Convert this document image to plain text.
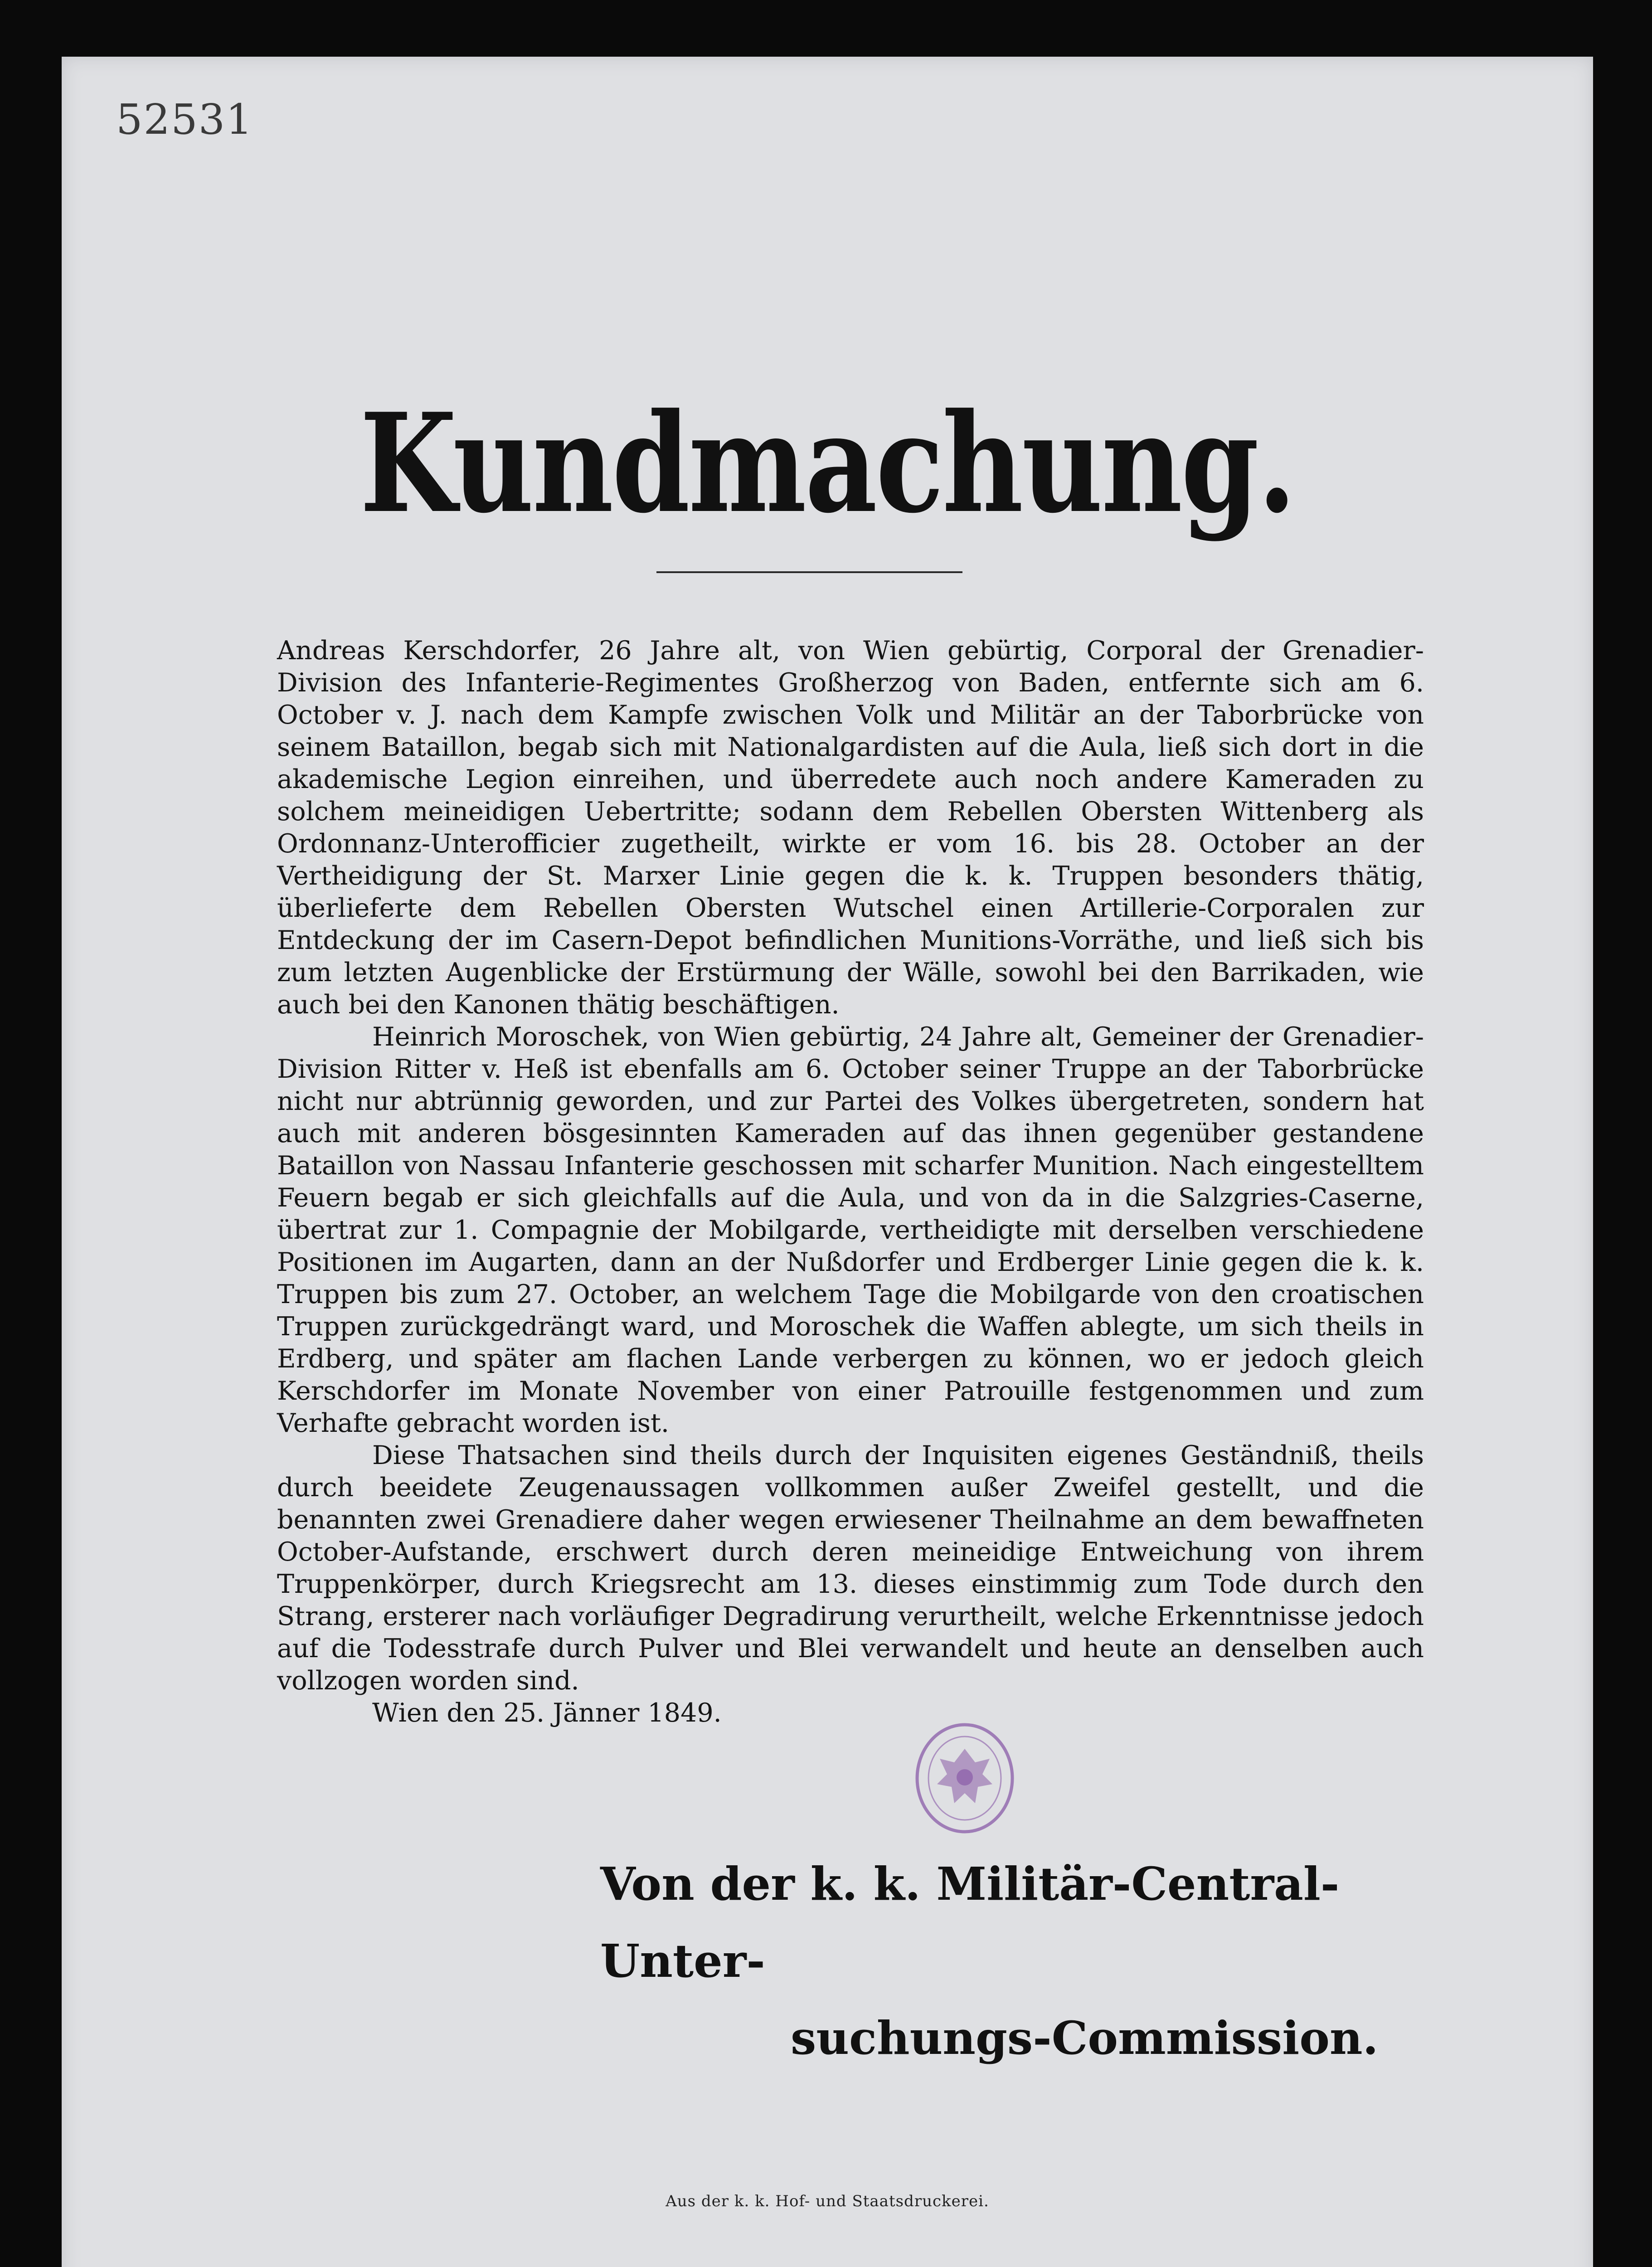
52531
Kundmachung.

Andreas Kerschdorfer, 26 Jahre alt, von Wien gebürtig, Corporal der Grenadier-Division des Infanterie-Regimentes Großherzog von Baden, entfernte sich am 6. October v. J. nach dem Kampfe zwischen Volk und Militär an der Taborbrücke von seinem Bataillon, begab sich mit Nationalgardisten auf die Aula, ließ sich dort in die akademische Legion einreihen, und überredete auch noch andere Kameraden zu solchem meineidigen Uebertritte; sodann dem Rebellen Obersten Wittenberg als Ordonnanz-Unterofficier zugetheilt, wirkte er vom 16. bis 28. October an der Vertheidigung der St. Marxer Linie gegen die k. k. Truppen besonders thätig, überlieferte dem Rebellen Obersten Wutschel einen Artillerie-Corporalen zur Entdeckung der im Casern-Depot befindlichen Munitions-Vorräthe, und ließ sich bis zum letzten Augenblicke der Erstürmung der Wälle, sowohl bei den Barrikaden, wie auch bei den Kanonen thätig beschäftigen.

Heinrich Moroschek, von Wien gebürtig, 24 Jahre alt, Gemeiner der Grenadier-Division Ritter v. Heß ist ebenfalls am 6. October seiner Truppe an der Taborbrücke nicht nur abtrünnig geworden, und zur Partei des Volkes übergetreten, sondern hat auch mit anderen bösgesinnten Kameraden auf das ihnen gegenüber gestandene Bataillon von Nassau Infanterie geschossen mit scharfer Munition. Nach eingestelltem Feuern begab er sich gleichfalls auf die Aula, und von da in die Salzgries-Caserne, übertrat zur 1. Compagnie der Mobilgarde, vertheidigte mit derselben verschiedene Positionen im Augarten, dann an der Nußdorfer und Erdberger Linie gegen die k. k. Truppen bis zum 27. October, an welchem Tage die Mobilgarde von den croatischen Truppen zurückgedrängt ward, und Moroschek die Waffen ablegte, um sich theils in Erdberg, und später am flachen Lande verbergen zu können, wo er jedoch gleich Kerschdorfer im Monate November von einer Patrouille festgenommen und zum Verhafte gebracht worden ist.

Diese Thatsachen sind theils durch der Inquisiten eigenes Geständniß, theils durch beeidete Zeugenaussagen vollkommen außer Zweifel gestellt, und die benannten zwei Grenadiere daher wegen erwiesener Theilnahme an dem bewaffneten October-Aufstande, erschwert durch deren meineidige Entweichung von ihrem Truppenkörper, durch Kriegsrecht am 13. dieses einstimmig zum Tode durch den Strang, ersterer nach vorläufiger Degradirung verurtheilt, welche Erkenntnisse jedoch auf die Todesstrafe durch Pulver und Blei verwandelt und heute an denselben auch vollzogen worden sind.

Wien den 25. Jänner 1849.

Von der k. k. Militär-Central-Unter-
suchungs-Commission.
Aus der k. k. Hof- und Staatsdruckerei.
